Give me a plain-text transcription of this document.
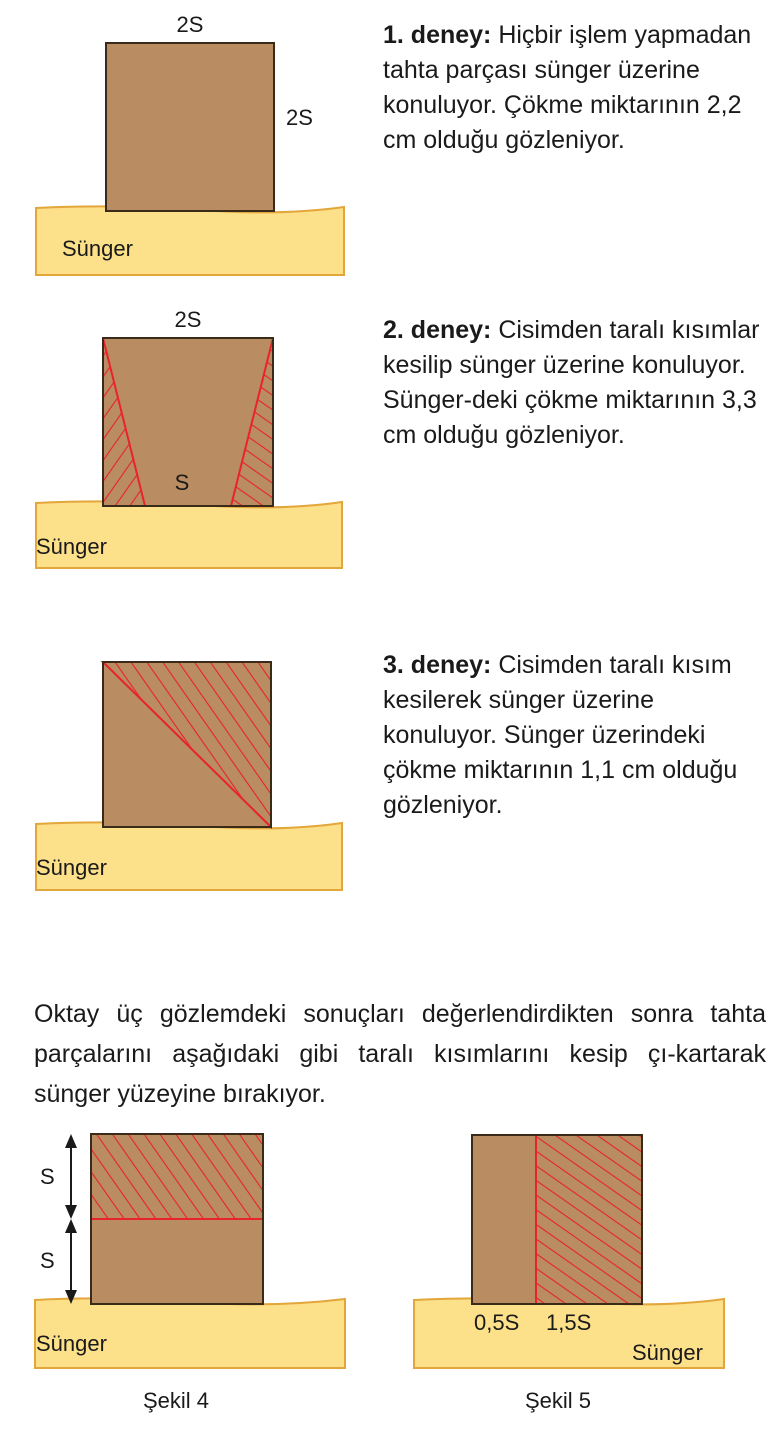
2S
2S
Sünger
2S
S
Sünger
Sünger
S
S
Sünger
Şekil 4
0,5S 1,5S
Sünger
Şekil 5
1. deney: Hiçbir işlem yapmadan tahta parçası sünger üzerine konuluyor. Çökme miktarının 2,2 cm olduğu gözleniyor.
2. deney: Cisimden taralı kısımlar kesilip sünger üzerine konuluyor. Sünger-deki çökme miktarının 3,3 cm olduğu gözleniyor.
3. deney: Cisimden taralı kısım kesilerek sünger üzerine konuluyor. Sünger üzerindeki çökme miktarının 1,1 cm olduğu gözleniyor.
Oktay üç gözlemdeki sonuçları değerlendirdikten sonra tahta parçalarını aşağıdaki gibi taralı kısımlarını kesip çı-kartarak sünger yüzeyine bırakıyor.
